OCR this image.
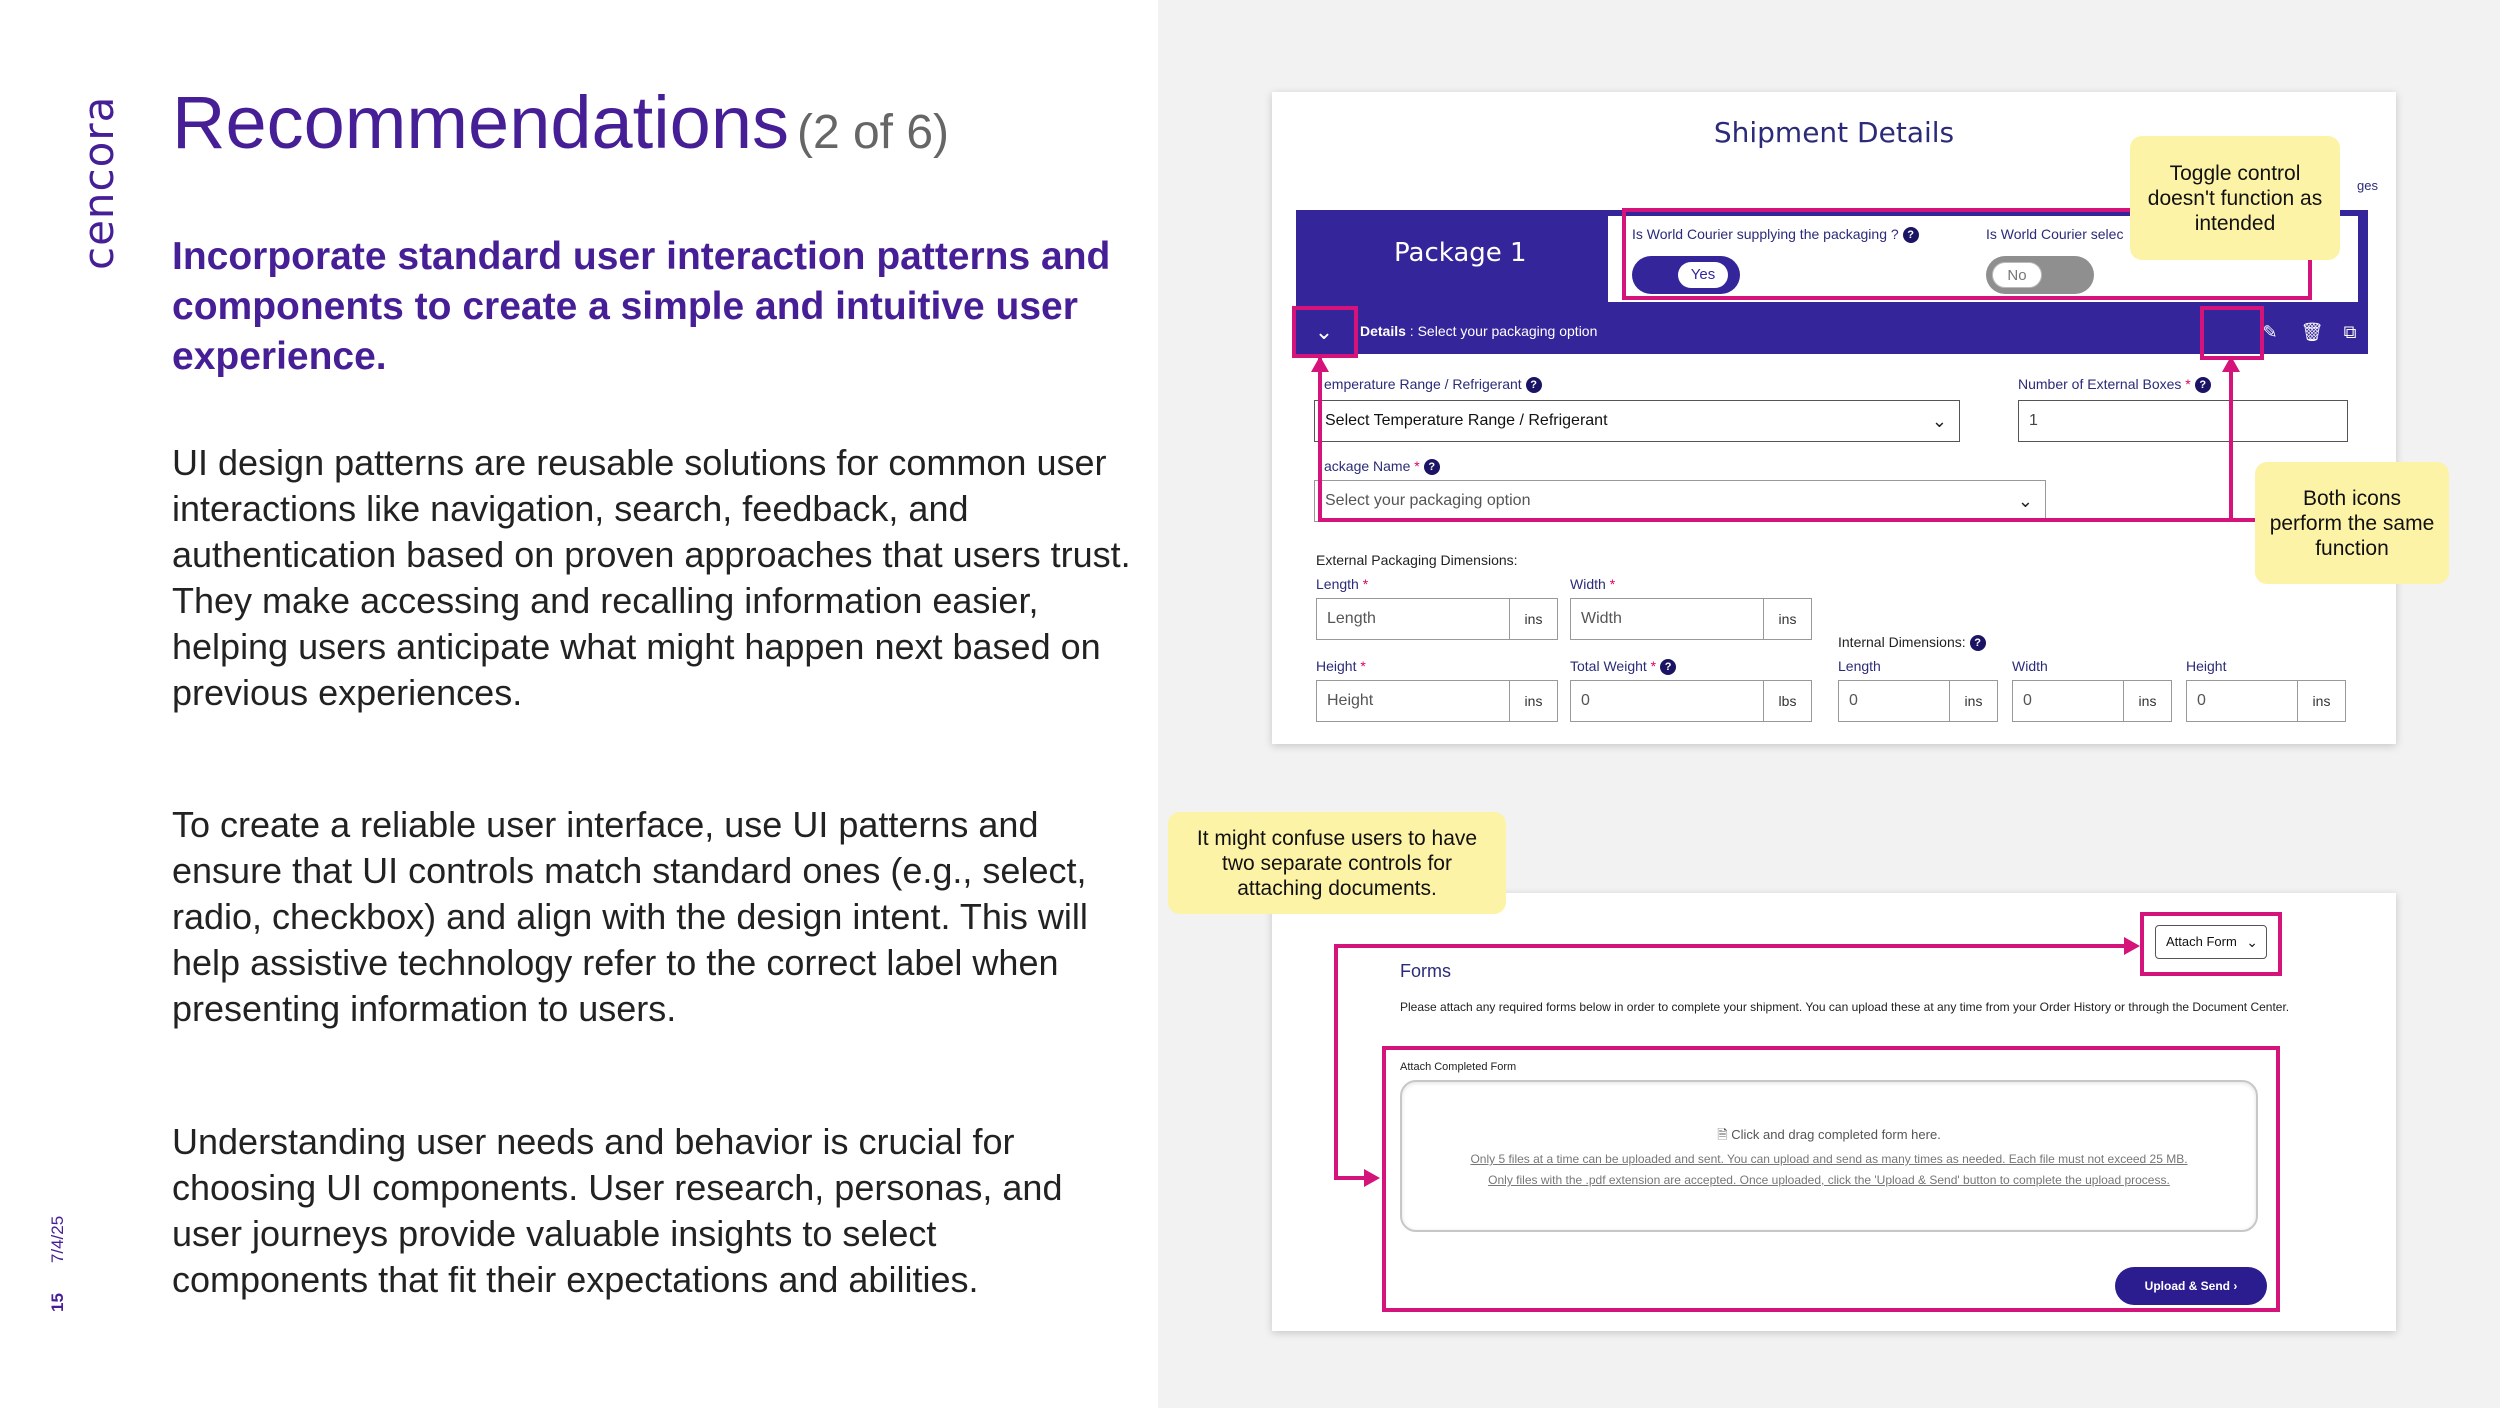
cencora
157/4/25
Recommendations (2 of 6)
Incorporate standard user interaction patterns and components to create a simple and intuitive user experience.
UI design patterns are reusable solutions for common user interactions like navigation, search, feedback, and authentication based on proven approaches that users trust. They make accessing and recalling information easier, helping users anticipate what might happen next based on previous experiences.
To create a reliable user interface, use UI patterns and ensure that UI controls match standard ones (e.g., select, radio, checkbox) and align with the design intent. This will help assistive technology refer to the correct label when presenting information to users.
Understanding user needs and behavior is crucial for choosing UI components. User research, personas, and user journeys provide valuable insights to select components that fit their expectations and abilities.
Shipment Details
ges
Package 1
Is World Courier supplying the packaging ? ?	Is World Courier selec
Yes	No
⌄	Details : Select your packaging option	✎	🗑	⧉
emperature Range / Refrigerant ?
Select Temperature Range / Refrigerant	⌄
Number of External Boxes * ?
1
ackage Name * ?
Select your packaging option	⌄
External Packaging Dimensions:
Length *
Length	ins
Width *
Width	ins
Internal Dimensions: ?
Height *
Height	ins
Total Weight * ?
0	lbs
Length
0	ins
Width
0	ins
Height
0	ins
Attach Form ⌄
Forms
Please attach any required forms below in order to complete your shipment. You can upload these at any time from your Order History or through the Document Center.
Attach Completed Form
🗎 Click and drag completed form here.
Only 5 files at a time can be uploaded and sent. You can upload and send as many times as needed. Each file must not exceed 25 MB.
Only files with the .pdf extension are accepted. Once uploaded, click the 'Upload & Send' button to complete the upload process.
Upload & Send ›
Toggle control doesn't function as intended
Both icons perform the same function
It might confuse users to have two separate controls for attaching documents.
